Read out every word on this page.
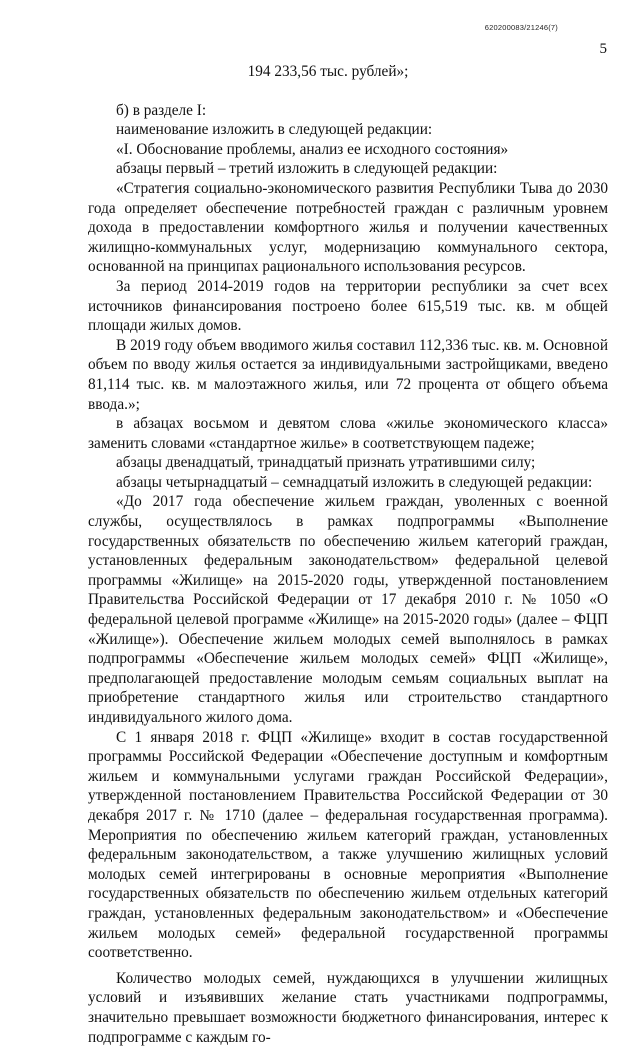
620200083/21246(7)
5

194 233,56 тыс. рублей»;

б) в разделе I:

наименование изложить в следующей редакции:

«I. Обоснование проблемы, анализ ее исходного состояния»

абзацы первый – третий изложить в следующей редакции:

«Стратегия социально-экономического развития Республики Тыва до 2030 года определяет обеспечение потребностей граждан с различным уровнем дохода в предоставлении комфортного жилья и получении качественных жилищно-коммунальных услуг, модернизацию коммунального сектора, основанной на принципах рационального использования ресурсов.

За период 2014-2019 годов на территории республики за счет всех источников финансирования построено более 615,519 тыс. кв. м общей площади жилых домов.

В 2019 году объем вводимого жилья составил 112,336 тыс. кв. м. Основной объем по вводу жилья остается за индивидуальными застройщиками, введено 81,114 тыс. кв. м малоэтажного жилья, или 72 процента от общего объема ввода.»;

в абзацах восьмом и девятом слова «жилье экономического класса» заменить словами «стандартное жилье» в соответствующем падеже;

абзацы двенадцатый, тринадцатый признать утратившими силу;

абзацы четырнадцатый – семнадцатый изложить в следующей редакции:

«До 2017 года обеспечение жильем граждан, уволенных с военной службы, осуществлялось в рамках подпрограммы «Выполнение государственных обязательств по обеспечению жильем категорий граждан, установленных федеральным законодательством» федеральной целевой программы «Жилище» на 2015-2020 годы, утвержденной постановлением Правительства Российской Федерации от 17 декабря 2010 г. № 1050 «О федеральной целевой программе «Жилище» на 2015-2020 годы» (далее – ФЦП «Жилище»). Обеспечение жильем молодых семей выполнялось в рамках подпрограммы «Обеспечение жильем молодых семей» ФЦП «Жилище», предполагающей предоставление молодым семьям социальных выплат на приобретение стандартного жилья или строительство стандартного индивидуального жилого дома.

С 1 января 2018 г. ФЦП «Жилище» входит в состав государственной программы Российской Федерации «Обеспечение доступным и комфортным жильем и коммунальными услугами граждан Российской Федерации», утвержденной постановлением Правительства Российской Федерации от 30 декабря 2017 г. № 1710 (далее – федеральная государственная программа). Мероприятия по обеспечению жильем категорий граждан, установленных федеральным законодательством, а также улучшению жилищных условий молодых семей интегрированы в основные мероприятия «Выполнение государственных обязательств по обеспечению жильем отдельных категорий граждан, установленных федеральным законодательством» и «Обеспечение жильем молодых семей» федеральной государственной программы соответственно.

Количество молодых семей, нуждающихся в улучшении жилищных условий и изъявивших желание стать участниками подпрограммы, значительно превышает возможности бюджетного финансирования, интерес к подпрограмме с каждым го-
